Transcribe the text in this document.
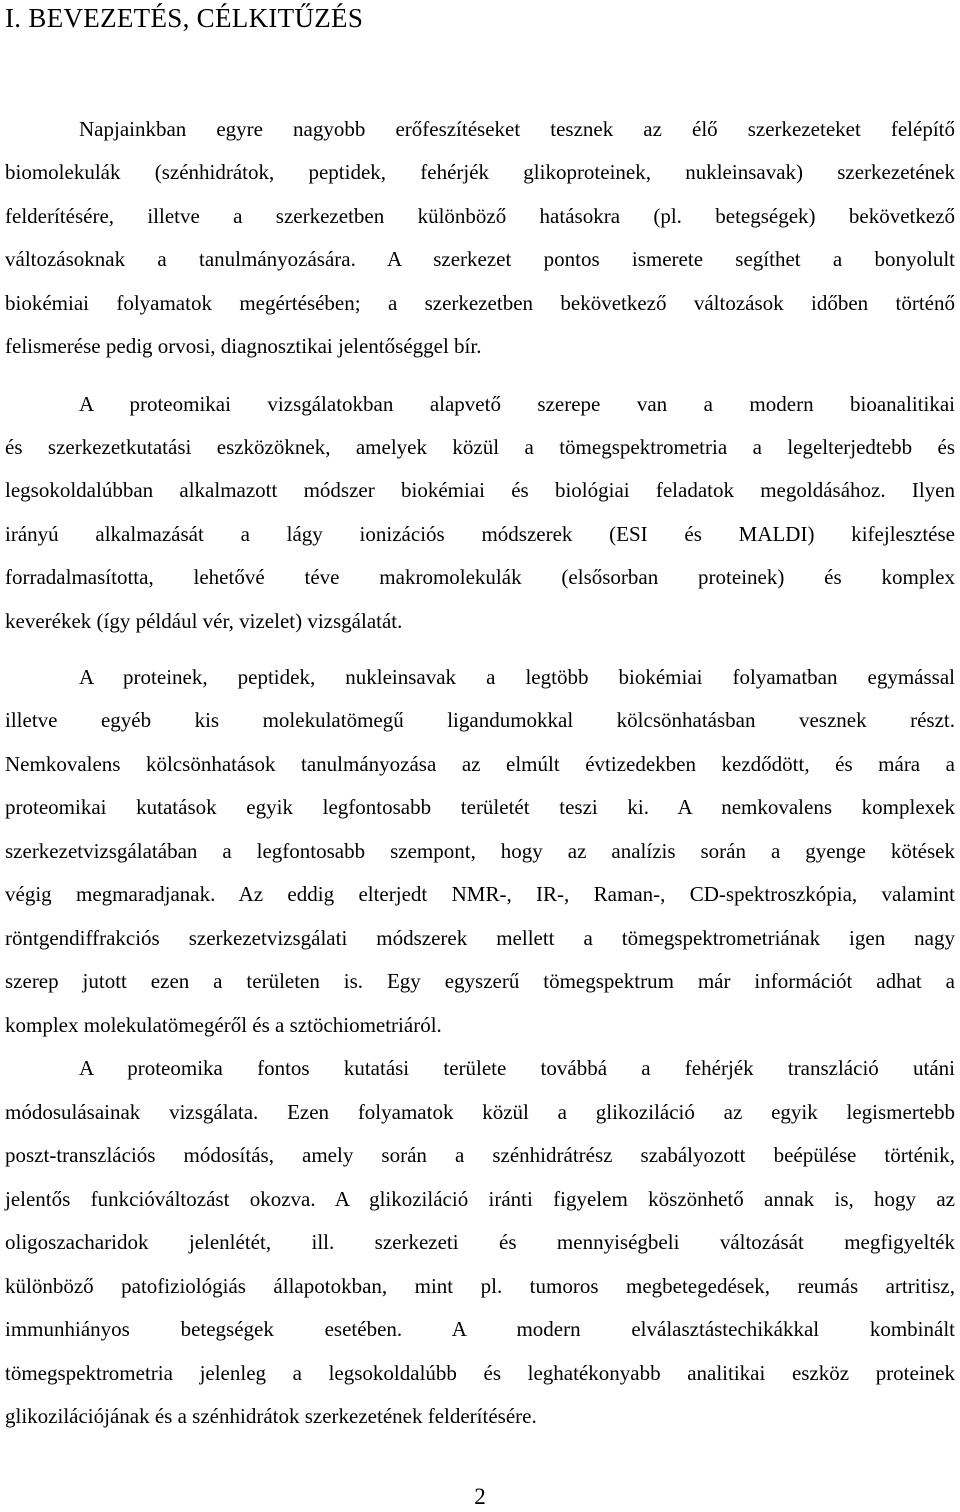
I. BEVEZETÉS, CÉLKITŰZÉS
Napjainkban egyre nagyobb erőfeszítéseket tesznek az élő szerkezeteket felépítő
biomolekulák (szénhidrátok, peptidek, fehérjék glikoproteinek, nukleinsavak) szerkezetének
felderítésére, illetve a szerkezetben különböző hatásokra (pl. betegségek) bekövetkező
változásoknak a tanulmányozására. A szerkezet pontos ismerete segíthet a bonyolult
biokémiai folyamatok megértésében; a szerkezetben bekövetkező változások időben történő
felismerése pedig orvosi, diagnosztikai jelentőséggel bír.
A proteomikai vizsgálatokban alapvető szerepe van a modern bioanalitikai
és szerkezetkutatási eszközöknek, amelyek közül a tömegspektrometria a legelterjedtebb és
legsokoldalúbban alkalmazott módszer biokémiai és biológiai feladatok megoldásához. Ilyen
irányú alkalmazását a lágy ionizációs módszerek (ESI és MALDI) kifejlesztése
forradalmasította, lehetővé téve makromolekulák (elsősorban proteinek) és komplex
keverékek (így például vér, vizelet) vizsgálatát.
A proteinek, peptidek, nukleinsavak a legtöbb biokémiai folyamatban egymással
illetve egyéb kis molekulatömegű ligandumokkal kölcsönhatásban vesznek részt.
Nemkovalens kölcsönhatások tanulmányozása az elmúlt évtizedekben kezdődött, és mára a
proteomikai kutatások egyik legfontosabb területét teszi ki. A nemkovalens komplexek
szerkezetvizsgálatában a legfontosabb szempont, hogy az analízis során a gyenge kötések
végig megmaradjanak. Az eddig elterjedt NMR-, IR-, Raman-, CD-spektroszkópia, valamint
röntgendiffrakciós szerkezetvizsgálati módszerek mellett a tömegspektrometriának igen nagy
szerep jutott ezen a területen is. Egy egyszerű tömegspektrum már információt adhat a
komplex molekulatömegéről és a sztöchiometriáról.
A proteomika fontos kutatási területe továbbá a fehérjék transzláció utáni
módosulásainak vizsgálata. Ezen folyamatok közül a glikoziláció az egyik legismertebb
poszt-transzlációs módosítás, amely során a szénhidrátrész szabályozott beépülése történik,
jelentős funkcióváltozást okozva. A glikoziláció iránti figyelem köszönhető annak is, hogy az
oligoszacharidok jelenlétét, ill. szerkezeti és mennyiségbeli változását megfigyelték
különböző patofiziológiás állapotokban, mint pl. tumoros megbetegedések, reumás artritisz,
immunhiányos betegségek esetében. A modern elválasztástechikákkal kombinált
tömegspektrometria jelenleg a legsokoldalúbb és leghatékonyabb analitikai eszköz proteinek
glikozilációjának és a szénhidrátok szerkezetének felderítésére.
2
